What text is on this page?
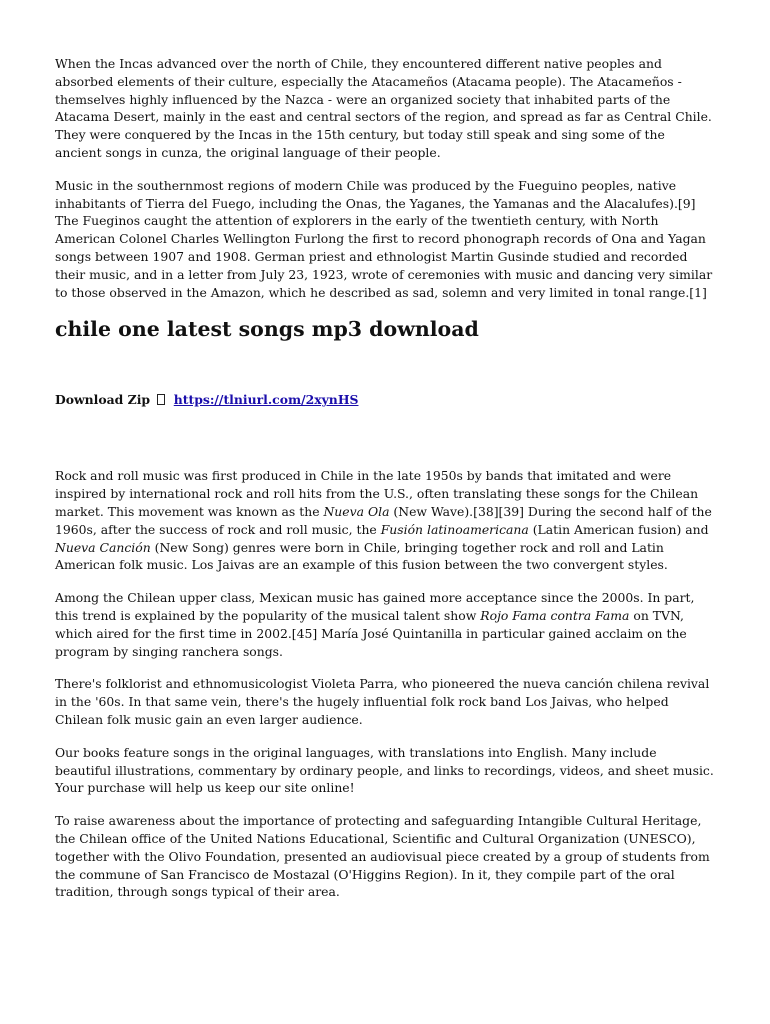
When the Incas advanced over the north of Chile, they encountered different native peoples and absorbed elements of their culture, especially the Atacameños (Atacama people). The Atacameños - themselves highly influenced by the Nazca - were an organized society that inhabited parts of the Atacama Desert, mainly in the east and central sectors of the region, and spread as far as Central Chile. They were conquered by the Incas in the 15th century, but today still speak and sing some of the ancient songs in cunza, the original language of their people.

Music in the southernmost regions of modern Chile was produced by the Fueguino peoples, native inhabitants of Tierra del Fuego, including the Onas, the Yaganes, the Yamanas and the Alacalufes).[9] The Fueginos caught the attention of explorers in the early of the twentieth century, with North American Colonel Charles Wellington Furlong the first to record phonograph records of Ona and Yagan songs between 1907 and 1908. German priest and ethnologist Martin Gusinde studied and recorded their music, and in a letter from July 23, 1923, wrote of ceremonies with music and dancing very similar to those observed in the Amazon, which he described as sad, solemn and very limited in tonal range.[1]

chile one latest songs mp3 download
Download Zip https://tlniurl.com/2xynHS

Rock and roll music was first produced in Chile in the late 1950s by bands that imitated and were inspired by international rock and roll hits from the U.S., often translating these songs for the Chilean market. This movement was known as the Nueva Ola (New Wave).[38][39] During the second half of the 1960s, after the success of rock and roll music, the Fusión latinoamericana (Latin American fusion) and Nueva Canción (New Song) genres were born in Chile, bringing together rock and roll and Latin American folk music. Los Jaivas are an example of this fusion between the two convergent styles.

Among the Chilean upper class, Mexican music has gained more acceptance since the 2000s. In part, this trend is explained by the popularity of the musical talent show Rojo Fama contra Fama on TVN, which aired for the first time in 2002.[45] María José Quintanilla in particular gained acclaim on the program by singing ranchera songs.

There's folklorist and ethnomusicologist Violeta Parra, who pioneered the nueva canción chilena revival in the '60s. In that same vein, there's the hugely influential folk rock band Los Jaivas, who helped Chilean folk music gain an even larger audience.

Our books feature songs in the original languages, with translations into English. Many include beautiful illustrations, commentary by ordinary people, and links to recordings, videos, and sheet music. Your purchase will help us keep our site online!

To raise awareness about the importance of protecting and safeguarding Intangible Cultural Heritage, the Chilean office of the United Nations Educational, Scientific and Cultural Organization (UNESCO), together with the Olivo Foundation, presented an audiovisual piece created by a group of students from the commune of San Francisco de Mostazal (O'Higgins Region). In it, they compile part of the oral tradition, through songs typical of their area.
